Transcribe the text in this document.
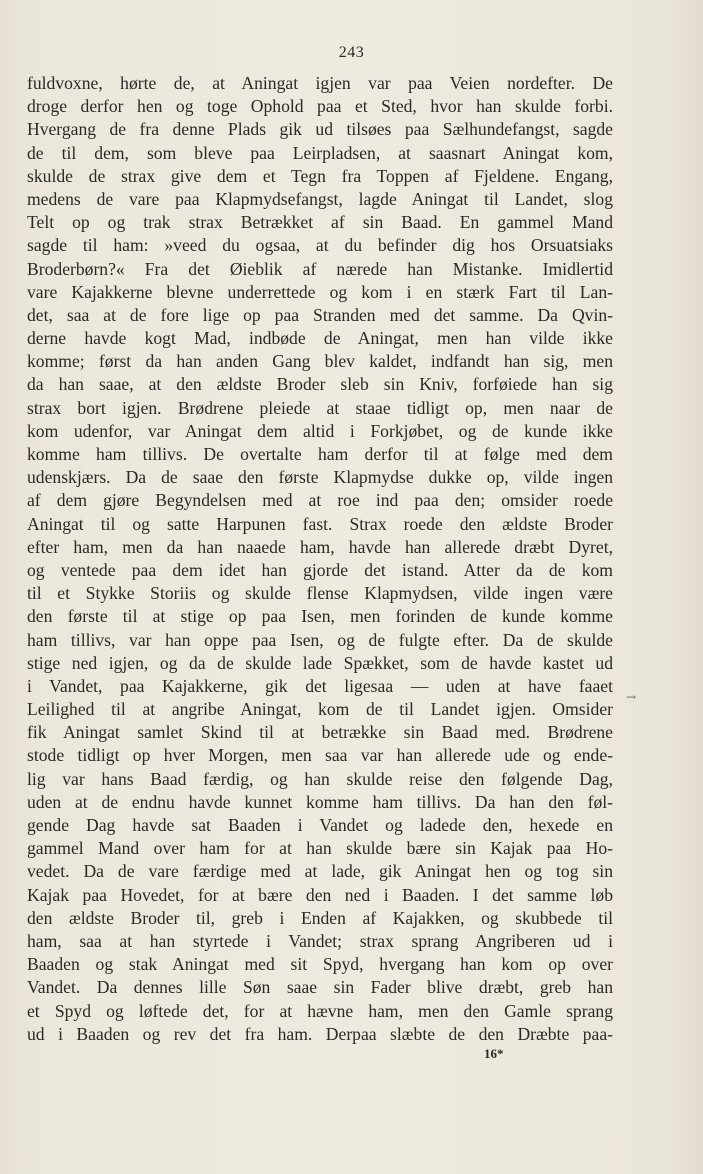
243
fuldvoxne, hørte de, at Aningat igjen var paa Veien nordefter. De
droge derfor hen og toge Ophold paa et Sted, hvor han skulde forbi.
Hvergang de fra denne Plads gik ud tilsøes paa Sælhundefangst, sagde
de til dem, som bleve paa Leirpladsen, at saasnart Aningat kom,
skulde de strax give dem et Tegn fra Toppen af Fjeldene. Engang,
medens de vare paa Klapmydsefangst, lagde Aningat til Landet, slog
Telt op og trak strax Betrækket af sin Baad. En gammel Mand
sagde til ham: »veed du ogsaa, at du befinder dig hos Orsuatsiaks
Broderbørn?« Fra det Øieblik af nærede han Mistanke. Imidlertid
vare Kajakkerne blevne underrettede og kom i en stærk Fart til Lan-
det, saa at de fore lige op paa Stranden med det samme. Da Qvin-
derne havde kogt Mad, indbøde de Aningat, men han vilde ikke
komme; først da han anden Gang blev kaldet, indfandt han sig, men
da han saae, at den ældste Broder sleb sin Kniv, forføiede han sig
strax bort igjen. Brødrene pleiede at staae tidligt op, men naar de
kom udenfor, var Aningat dem altid i Forkjøbet, og de kunde ikke
komme ham tillivs. De overtalte ham derfor til at følge med dem
udenskjærs. Da de saae den første Klapmydse dukke op, vilde ingen
af dem gjøre Begyndelsen med at roe ind paa den; omsider roede
Aningat til og satte Harpunen fast. Strax roede den ældste Broder
efter ham, men da han naaede ham, havde han allerede dræbt Dyret,
og ventede paa dem idet han gjorde det istand. Atter da de kom
til et Stykke Storiis og skulde flense Klapmydsen, vilde ingen være
den første til at stige op paa Isen, men forinden de kunde komme
ham tillivs, var han oppe paa Isen, og de fulgte efter. Da de skulde
stige ned igjen, og da de skulde lade Spækket, som de havde kastet ud
i Vandet, paa Kajakkerne, gik det ligesaa — uden at have faaet
Leilighed til at angribe Aningat, kom de til Landet igjen. Omsider
fik Aningat samlet Skind til at betrække sin Baad med. Brødrene
stode tidligt op hver Morgen, men saa var han allerede ude og ende-
lig var hans Baad færdig, og han skulde reise den følgende Dag,
uden at de endnu havde kunnet komme ham tillivs. Da han den føl-
gende Dag havde sat Baaden i Vandet og ladede den, hexede en
gammel Mand over ham for at han skulde bære sin Kajak paa Ho-
vedet. Da de vare færdige med at lade, gik Aningat hen og tog sin
Kajak paa Hovedet, for at bære den ned i Baaden. I det samme løb
den ældste Broder til, greb i Enden af Kajakken, og skubbede til
ham, saa at han styrtede i Vandet; strax sprang Angriberen ud i
Baaden og stak Aningat med sit Spyd, hvergang han kom op over
Vandet. Da dennes lille Søn saae sin Fader blive dræbt, greb han
et Spyd og løftede det, for at hævne ham, men den Gamle sprang
ud i Baaden og rev det fra ham. Derpaa slæbte de den Dræbte paa-
→
16*
